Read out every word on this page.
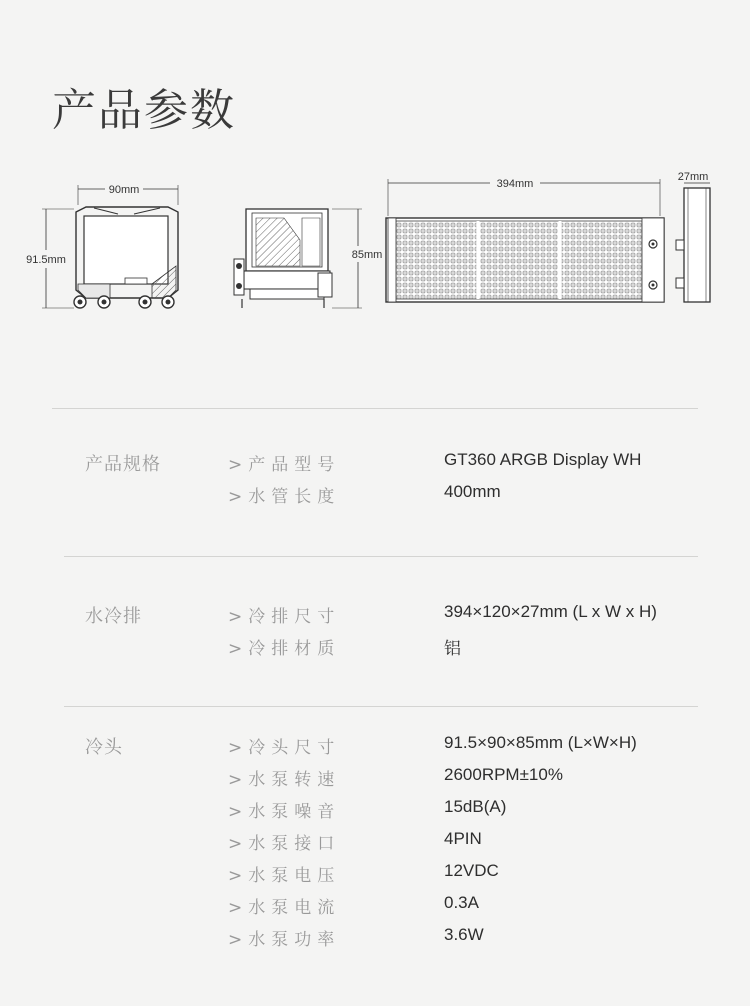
产品参数
90mm
91.5mm	85mm
394mm
27mm
产品规格	>产品型号	GT360 ARGB Display WH
>水管长度	400mm
水冷排	>冷排尺寸	394×120×27mm (L x W x H)
>冷排材质	铝
冷头	>冷头尺寸	91.5×90×85mm (L×W×H)
>水泵转速	2600RPM±10%
>水泵噪音	15dB(A)
>水泵接口	4PIN
>水泵电压	12VDC
>水泵电流	0.3A
>水泵功率	3.6W
